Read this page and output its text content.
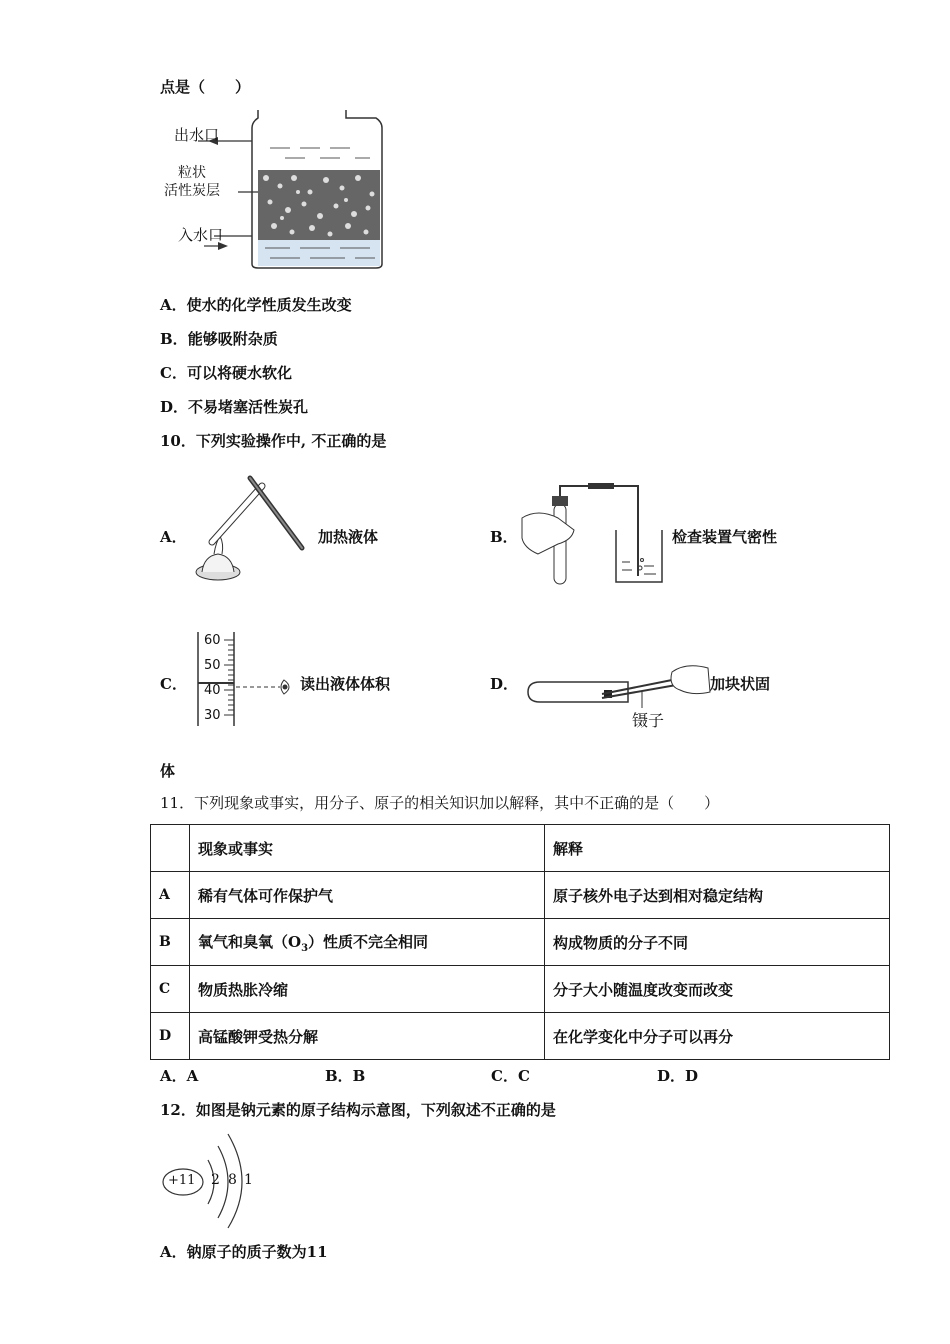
点是（　　）
出水口
粒状
活性炭层
入水口
A．使水的化学性质发生改变
B．能够吸附杂质
C．可以将硬水软化
D．不易堵塞活性炭孔
10．下列实验操作中, 不正确的是
A．	加热液体	B．	检查装置气密性
C．
60
50
40
30
读出液体体积	D．	加块状固
镊子
体
11．下列现象或事实，用分子、原子的相关知识加以解释，其中不正确的是（　　）
	现象或事实	解释
A	稀有气体可作保护气	原子核外电子达到相对稳定结构
B	氧气和臭氧$(O_3)$性质不完全相同	构成物质的分子不同
C	物质热胀冷缩	分子大小随温度改变而改变
D	高锰酸钾受热分解	在化学变化中分子可以再分
A．A	B．B	C．C	D．D
12．如图是钠元素的原子结构示意图，下列叙述不正确的是
+11 2 8 1
A．钠原子的质子数为11
